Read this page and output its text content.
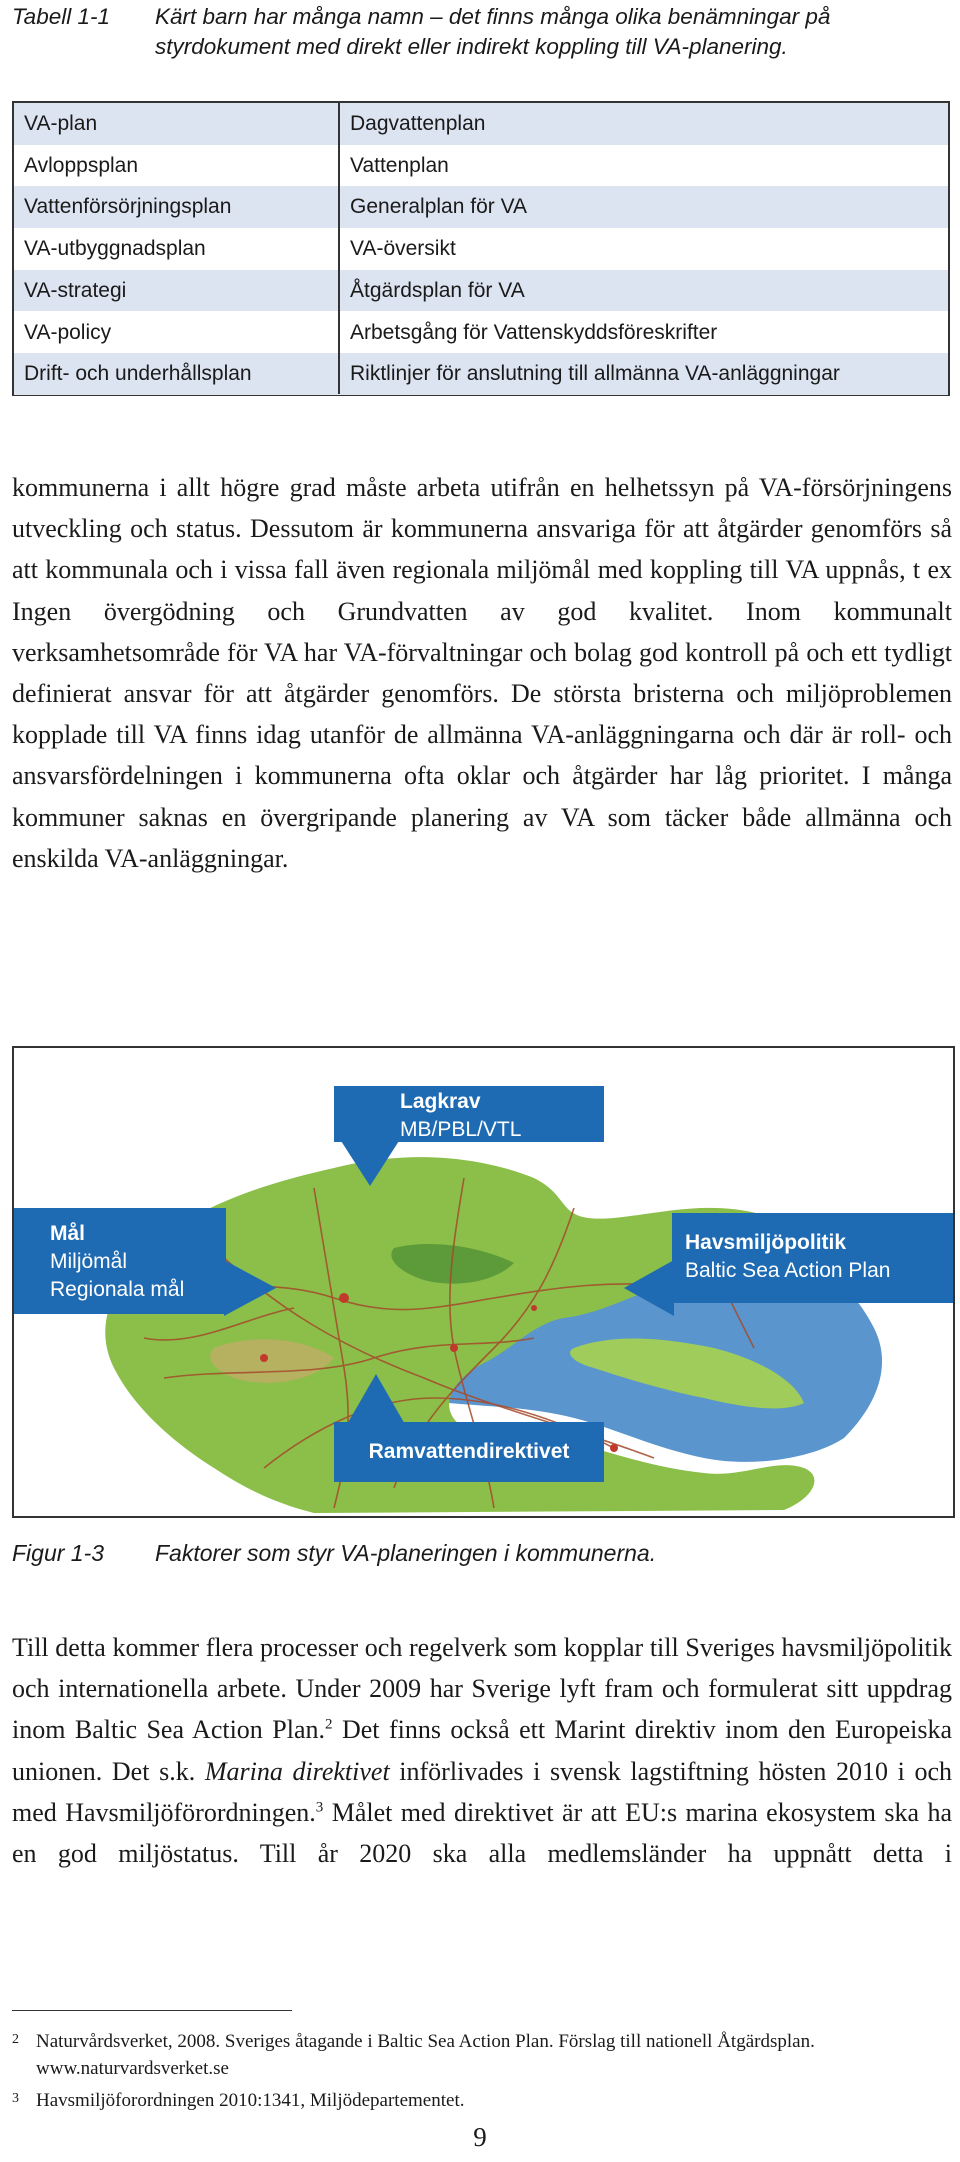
Tabell 1-1 Kärt barn har många namn – det finns många olika benämningar på styrdokument med direkt eller indirekt koppling till VA-planering.
VA-plan	Dagvattenplan
Avloppsplan	Vattenplan
Vattenförsörjningsplan	Generalplan för VA
VA-utbyggnadsplan	VA-översikt
VA-strategi	Åtgärdsplan för VA
VA-policy	Arbetsgång för Vattenskyddsföreskrifter
Drift- och underhållsplan	Riktlinjer för anslutning till allmänna VA-anläggningar

kommunerna i allt högre grad måste arbeta utifrån en helhetssyn på VA-försörjningens utveckling och status. Dessutom är kommunerna ansvariga för att åtgärder genomförs så att kommunala och i vissa fall även regionala miljömål med koppling till VA uppnås, t ex Ingen övergödning och Grundvatten av god kvalitet. Inom kommunalt verksamhetsområde för VA har VA-förvaltningar och bolag god kontroll på och ett tydligt definierat ansvar för att åtgärder genomförs. De största bristerna och miljöproblemen kopplade till VA finns idag utanför de allmänna VA-anläggningarna och där är roll- och ansvarsfördelningen i kommunerna ofta oklar och åtgärder har låg prioritet. I många kommuner saknas en övergripande planering av VA som täcker både allmänna och enskilda VA-anläggningar.

Lagkrav
MB/PBL/VTL
Mål
Miljömål
Regionala mål
Havsmiljöpolitik
Baltic Sea Action Plan
Ramvattendirektivet
Figur 1-3 Faktorer som styr VA-planeringen i kommunerna.

Till detta kommer flera processer och regelverk som kopplar till Sveriges havsmiljöpolitik och internationella arbete. Under 2009 har Sverige lyft fram och formulerat sitt uppdrag inom Baltic Sea Action Plan.$^2$ Det finns också ett Marint direktiv inom den Europeiska unionen. Det s.k. Marina direktivet införlivades i svensk lagstiftning hösten 2010 i och med Havsmiljöförordningen.$^3$ Målet med direktivet är att EU:s marina ekosystem ska ha en god miljöstatus. Till år 2020 ska alla medlemsländer ha uppnått detta i

2 Naturvårdsverket, 2008. Sveriges åtagande i Baltic Sea Action Plan. Förslag till nationell Åtgärdsplan. www.naturvardsverket.se
3 Havsmiljöforordningen 2010:1341, Miljödepartementet.
9
